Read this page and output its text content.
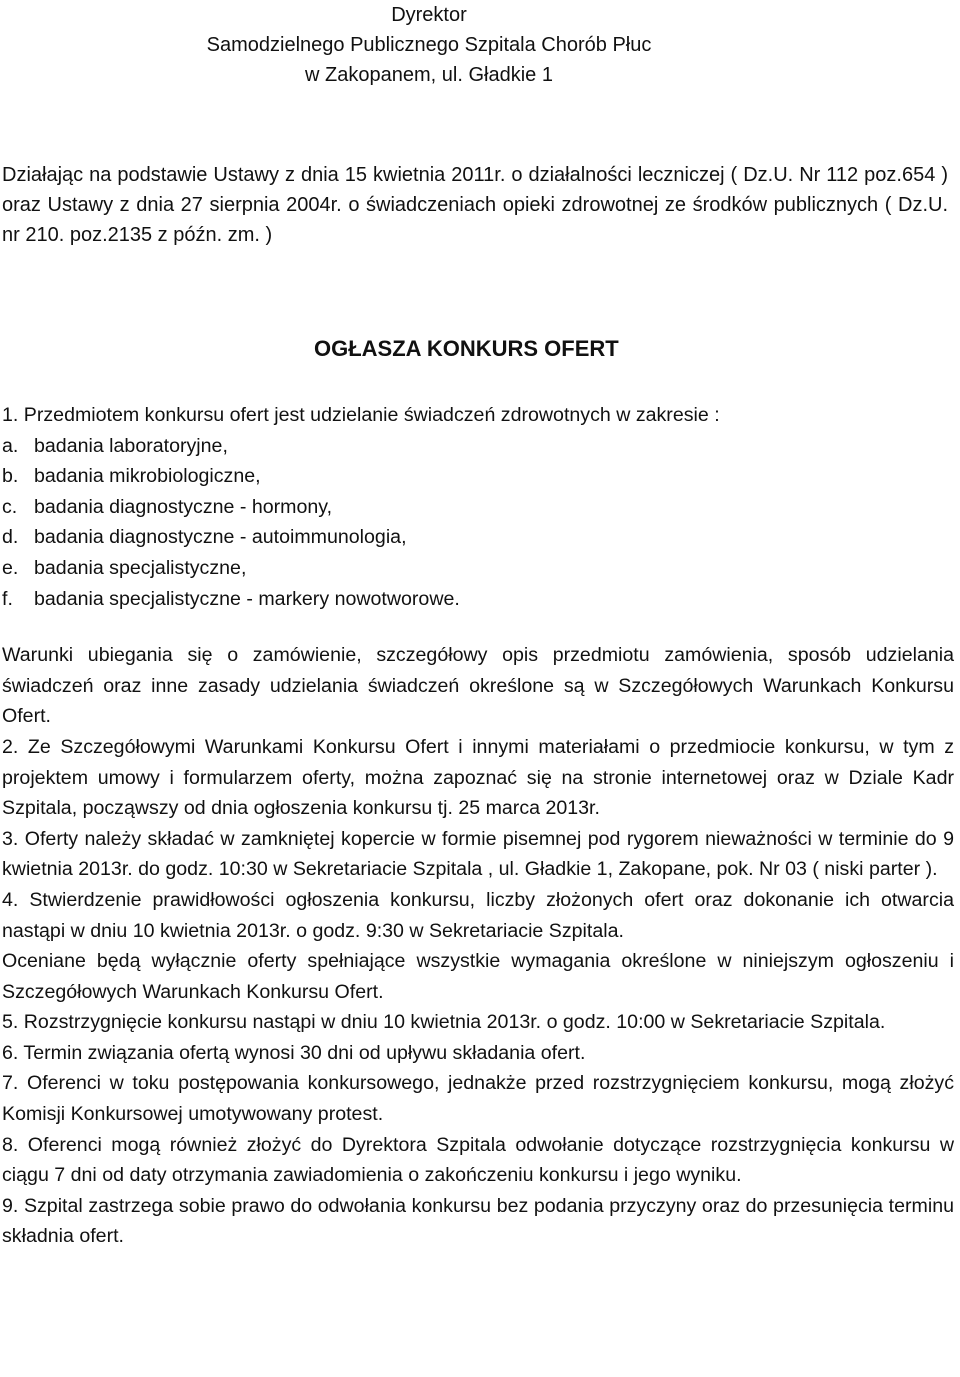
Dyrektor
Samodzielnego Publicznego Szpitala Chorób Płuc
w Zakopanem, ul. Gładkie 1

Działając na podstawie Ustawy z dnia 15 kwietnia 2011r. o działalności leczniczej ( Dz.U. Nr 112 poz.654 ) oraz Ustawy z dnia 27 sierpnia 2004r. o świadczeniach opieki zdrowotnej ze środków publicznych ( Dz.U. nr 210. poz.2135 z późn. zm. )

OGŁASZA KONKURS OFERT

1. Przedmiotem konkursu ofert jest udzielanie świadczeń zdrowotnych w zakresie :

a. badania laboratoryjne,
b. badania mikrobiologiczne,
c. badania diagnostyczne - hormony,
d. badania diagnostyczne - autoimmunologia,
e. badania specjalistyczne,
f. badania specjalistyczne - markery nowotworowe.

Warunki ubiegania się o zamówienie, szczegółowy opis przedmiotu zamówienia, sposób udzielania świadczeń oraz inne zasady udzielania świadczeń określone są w Szczegółowych Warunkach Konkursu Ofert.

2. Ze Szczegółowymi Warunkami Konkursu Ofert i innymi materiałami o przedmiocie konkursu, w tym z projektem umowy i formularzem oferty, można zapoznać się na stronie internetowej oraz w Dziale Kadr Szpitala, począwszy od dnia ogłoszenia konkursu tj. 25 marca 2013r.

3. Oferty należy składać w zamkniętej kopercie w formie pisemnej pod rygorem nieważności w terminie do 9 kwietnia 2013r. do godz. 10:30 w Sekretariacie Szpitala , ul. Gładkie 1, Zakopane, pok. Nr 03 ( niski parter ).

4. Stwierdzenie prawidłowości ogłoszenia konkursu, liczby złożonych ofert oraz dokonanie ich otwarcia nastąpi w dniu 10 kwietnia 2013r. o godz. 9:30 w Sekretariacie Szpitala.

Oceniane będą wyłącznie oferty spełniające wszystkie wymagania określone w niniejszym ogłoszeniu i Szczegółowych Warunkach Konkursu Ofert.

5. Rozstrzygnięcie konkursu nastąpi w dniu 10 kwietnia 2013r. o godz. 10:00 w Sekretariacie Szpitala.

6. Termin związania ofertą wynosi 30 dni od upływu składania ofert.

7. Oferenci w toku postępowania konkursowego, jednakże przed rozstrzygnięciem konkursu, mogą złożyć Komisji Konkursowej umotywowany protest.

8. Oferenci mogą również złożyć do Dyrektora Szpitala odwołanie dotyczące rozstrzygnięcia konkursu w ciągu 7 dni od daty otrzymania zawiadomienia o zakończeniu konkursu i jego wyniku.

9. Szpital zastrzega sobie prawo do odwołania konkursu bez podania przyczyny oraz do przesunięcia terminu składnia ofert.
